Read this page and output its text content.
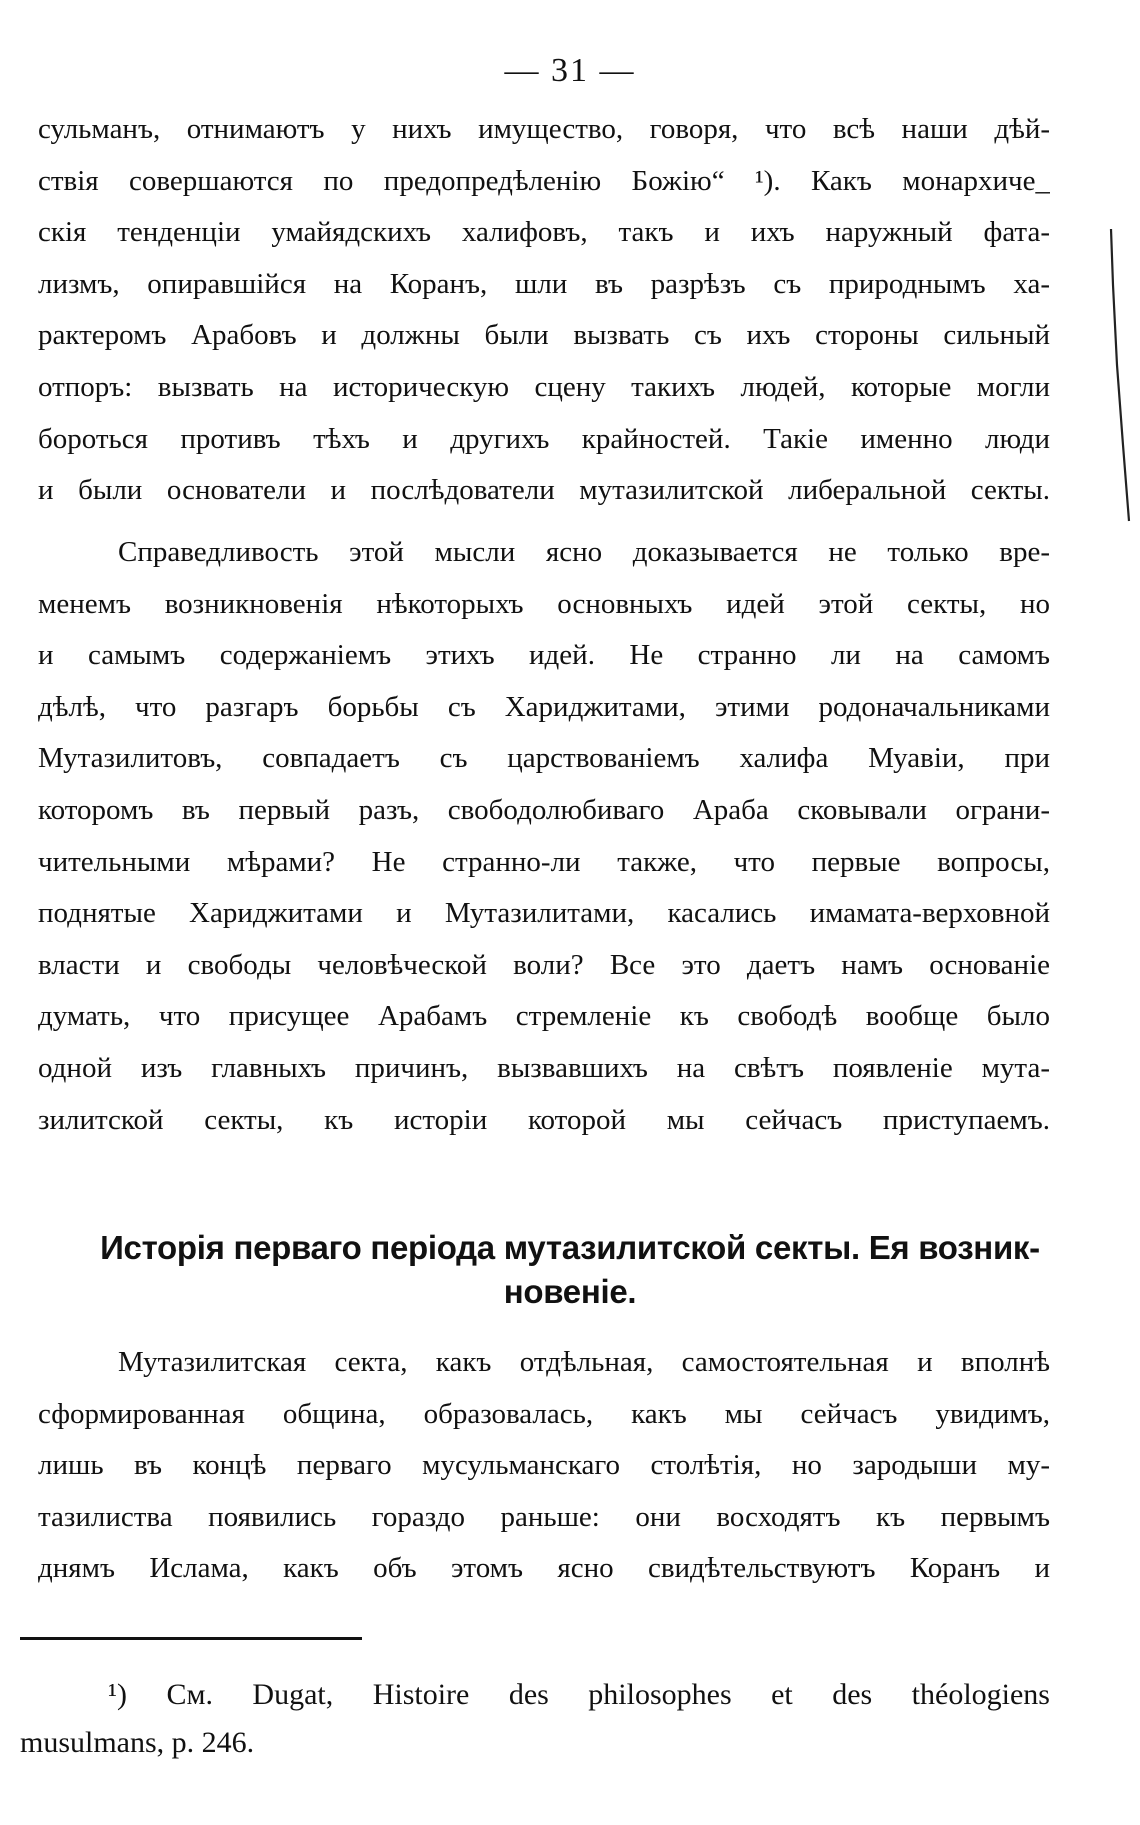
— 31 —
сульманъ, отнимаютъ у нихъ имущество, говоря, что всѣ наши дѣй-
ствія совершаются по предопредѣленію Божію“ ¹). Какъ монархиче_
скія тенденціи умайядскихъ халифовъ, такъ и ихъ наружный фата-
лизмъ, опиравшійся на Коранъ, шли въ разрѣзъ съ природнымъ ха-
рактеромъ Арабовъ и должны были вызвать съ ихъ стороны сильный
отпоръ: вызвать на историческую сцену такихъ людей, которые могли
бороться противъ тѣхъ и другихъ крайностей. Такіе именно люди
и были основатели и послѣдователи мутазилитской либеральной секты.
Справедливость этой мысли ясно доказывается не только вре-
менемъ возникновенія нѣкоторыхъ основныхъ идей этой секты, но
и самымъ содержаніемъ этихъ идей. Не странно ли на самомъ
дѣлѣ, что разгаръ борьбы съ Хариджитами, этими родоначальниками
Мутазилитовъ, совпадаетъ съ царствованіемъ халифа Муавіи, при
которомъ въ первый разъ, свободолюбиваго Араба сковывали ограни-
чительными мѣрами? Не странно-ли также, что первые вопросы,
поднятые Хариджитами и Мутазилитами, касались имамата-верховной
власти и свободы человѣческой воли? Все это даетъ намъ основаніе
думать, что присущее Арабамъ стремленіе къ свободѣ вообще было
одной изъ главныхъ причинъ, вызвавшихъ на свѣтъ появленіе мута-
зилитской секты, къ исторіи которой мы сейчасъ приступаемъ.
Исторія перваго періода мутазилитской секты. Ея возник-
новеніе.
Мутазилитская секта, какъ отдѣльная, самостоятельная и вполнѣ
сформированная община, образовалась, какъ мы сейчасъ увидимъ,
лишь въ концѣ перваго мусульманскаго столѣтія, но зародыши му-
тазилиства появились гораздо раньше: они восходятъ къ первымъ
днямъ Ислама, какъ объ этомъ ясно свидѣтельствуютъ Коранъ и
¹) См. Dugat, Histoire des philosophes et des théologiens
musulmans, p. 246.
